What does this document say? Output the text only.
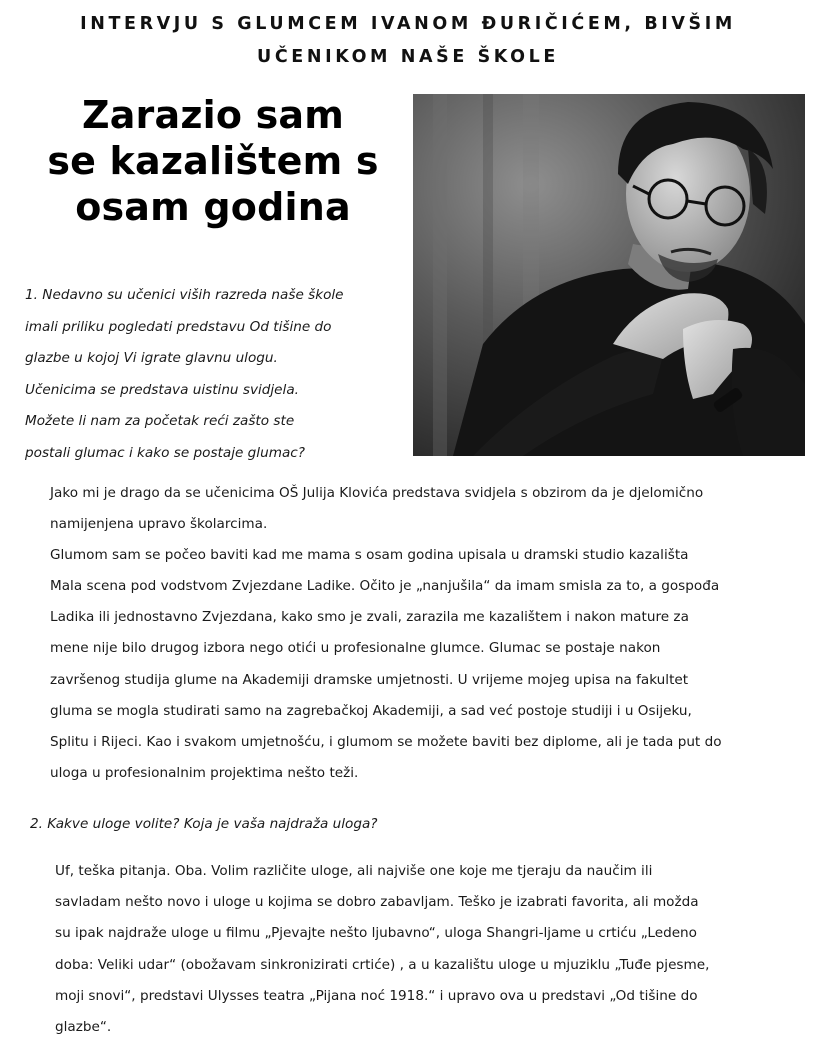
INTERVJU S GLUMCEM IVANOM ĐURIČIĆEM, BIVŠIM
UČENIKOM NAŠE ŠKOLE
Zarazio sam
se kazalištem s
osam godina
1. Nedavno su učenici viših razreda naše škole
imali priliku pogledati predstavu Od tišine do
glazbe u kojoj Vi igrate glavnu ulogu.
Učenicima se predstava uistinu svidjela.
Možete li nam za početak reći zašto ste
postali glumac i kako se postaje glumac?
Jako mi je drago da se učenicima OŠ Julija Klovića predstava svidjela s obzirom da je djelomično
namijenjena upravo školarcima.
Glumom sam se počeo baviti kad me mama s osam godina upisala u dramski studio kazališta
Mala scena pod vodstvom Zvjezdane Ladike. Očito je „nanjušila“ da imam smisla za to, a gospođa
Ladika ili jednostavno Zvjezdana, kako smo je zvali, zarazila me kazalištem i nakon mature za
mene nije bilo drugog izbora nego otići u profesionalne glumce. Glumac se postaje nakon
završenog studija glume na Akademiji dramske umjetnosti. U vrijeme mojeg upisa na fakultet
gluma se mogla studirati samo na zagrebačkoj Akademiji, a sad već postoje studiji i u Osijeku,
Splitu i Rijeci. Kao i svakom umjetnošću, i glumom se možete baviti bez diplome, ali je tada put do
uloga u profesionalnim projektima nešto teži.
2. Kakve uloge volite? Koja je vaša najdraža uloga?
Uf, teška pitanja. Oba. Volim različite uloge, ali najviše one koje me tjeraju da naučim ili
savladam nešto novo i uloge u kojima se dobro zabavljam. Teško je izabrati favorita, ali možda
su ipak najdraže uloge u filmu „Pjevajte nešto ljubavno“, uloga Shangri-ljame u crtiću „Ledeno
doba: Veliki udar“ (obožavam sinkronizirati crtiće) , a u kazalištu uloge u mjuziklu „Tuđe pjesme,
moji snovi“, predstavi Ulysses teatra „Pijana noć 1918.“ i upravo ova u predstavi „Od tišine do
glazbe“.
